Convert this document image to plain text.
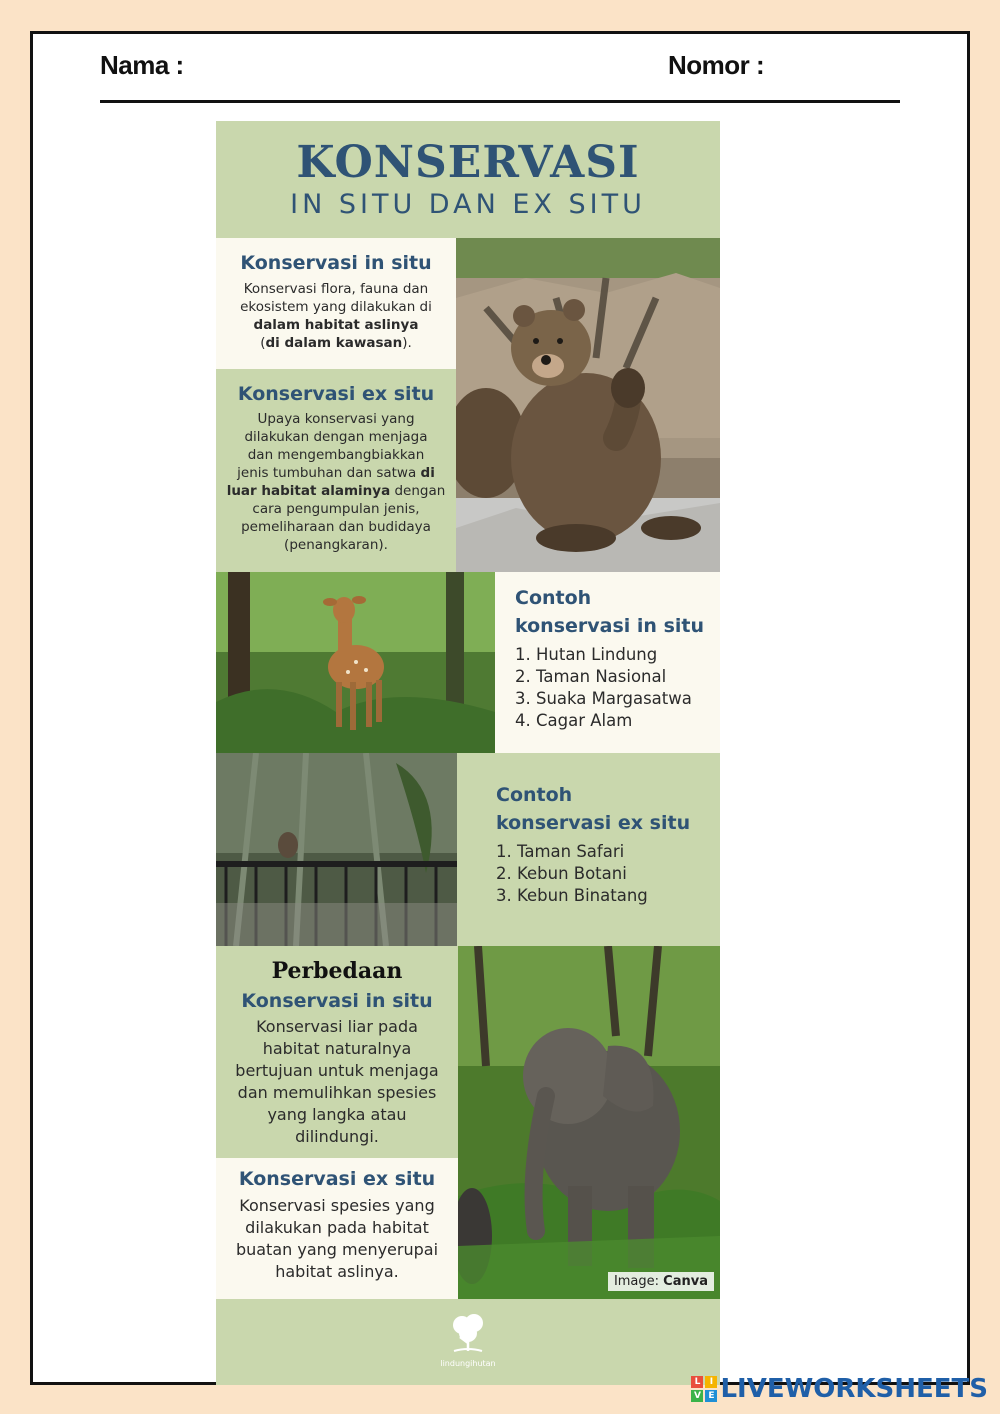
Nama :	Nomor :
KONSERVASI
IN SITU DAN EX SITU
Konservasi in situ
Konservasi flora, fauna dan
ekosistem yang dilakukan di
dalam habitat aslinya
(di dalam kawasan).
Konservasi ex situ
Upaya konservasi yang
dilakukan dengan menjaga
dan mengembangbiakkan
jenis tumbuhan dan satwa di
luar habitat alaminya dengan
cara pengumpulan jenis,
pemeliharaan dan budidaya
(penangkaran).
Contoh
konservasi in situ
1. Hutan Lindung
2. Taman Nasional
3. Suaka Margasatwa
4. Cagar Alam
Contoh
konservasi ex situ
1. Taman Safari
2. Kebun Botani
3. Kebun Binatang
Perbedaan
Konservasi in situ
Konservasi liar pada
habitat naturalnya
bertujuan untuk menjaga
dan memulihkan spesies
yang langka atau
dilindungi.
Konservasi ex situ
Konservasi spesies yang
dilakukan pada habitat
buatan yang menyerupai
habitat aslinya.
Image: Canva
lindungihutan
L	I
V E LIVEWORKSHEETS
